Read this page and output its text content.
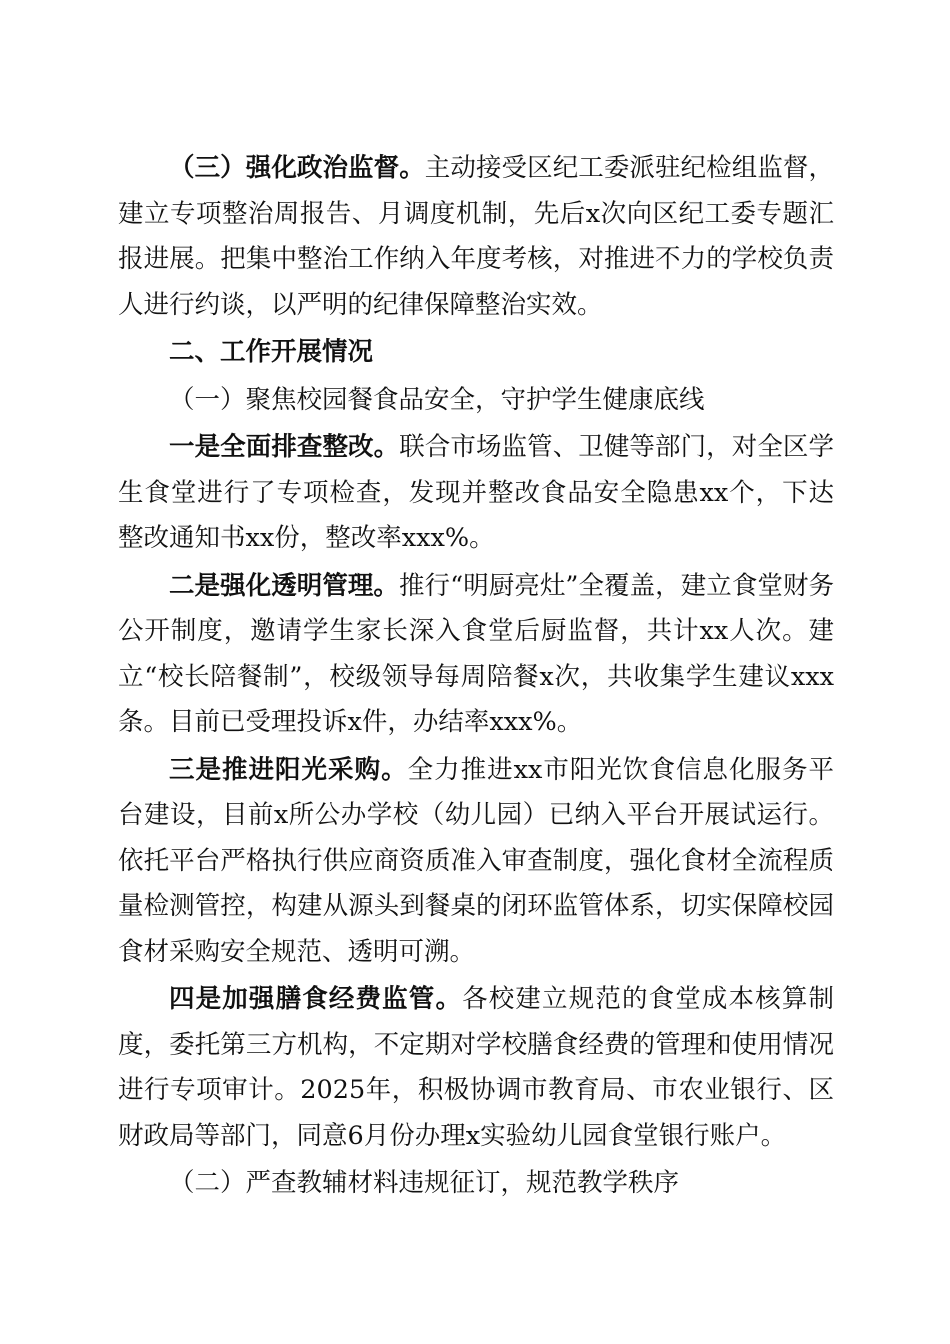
（三）强化政治监督。主动接受区纪工委派驻纪检组监督，建立专项整治周报告、月调度机制，先后x次向区纪工委专题汇报进展。把集中整治工作纳入年度考核，对推进不力的学校负责人进行约谈，以严明的纪律保障整治实效。

二、工作开展情况

（一）聚焦校园餐食品安全，守护学生健康底线

一是全面排查整改。联合市场监管、卫健等部门，对全区学生食堂进行了专项检查，发现并整改食品安全隐患xx个，下达整改通知书xx份，整改率xxx%。

二是强化透明管理。推行“明厨亮灶”全覆盖，建立食堂财务公开制度，邀请学生家长深入食堂后厨监督，共计xx人次。建立“校长陪餐制”，校级领导每周陪餐x次，共收集学生建议xxx条。目前已受理投诉x件，办结率xxx%。

三是推进阳光采购。全力推进xx市阳光饮食信息化服务平台建设，目前x所公办学校（幼儿园）已纳入平台开展试运行。依托平台严格执行供应商资质准入审查制度，强化食材全流程质量检测管控，构建从源头到餐桌的闭环监管体系，切实保障校园食材采购安全规范、透明可溯。

四是加强膳食经费监管。各校建立规范的食堂成本核算制度，委托第三方机构，不定期对学校膳食经费的管理和使用情况进行专项审计。2025年，积极协调市教育局、市农业银行、区财政局等部门，同意6月份办理x实验幼儿园食堂银行账户。

（二）严查教辅材料违规征订，规范教学秩序
